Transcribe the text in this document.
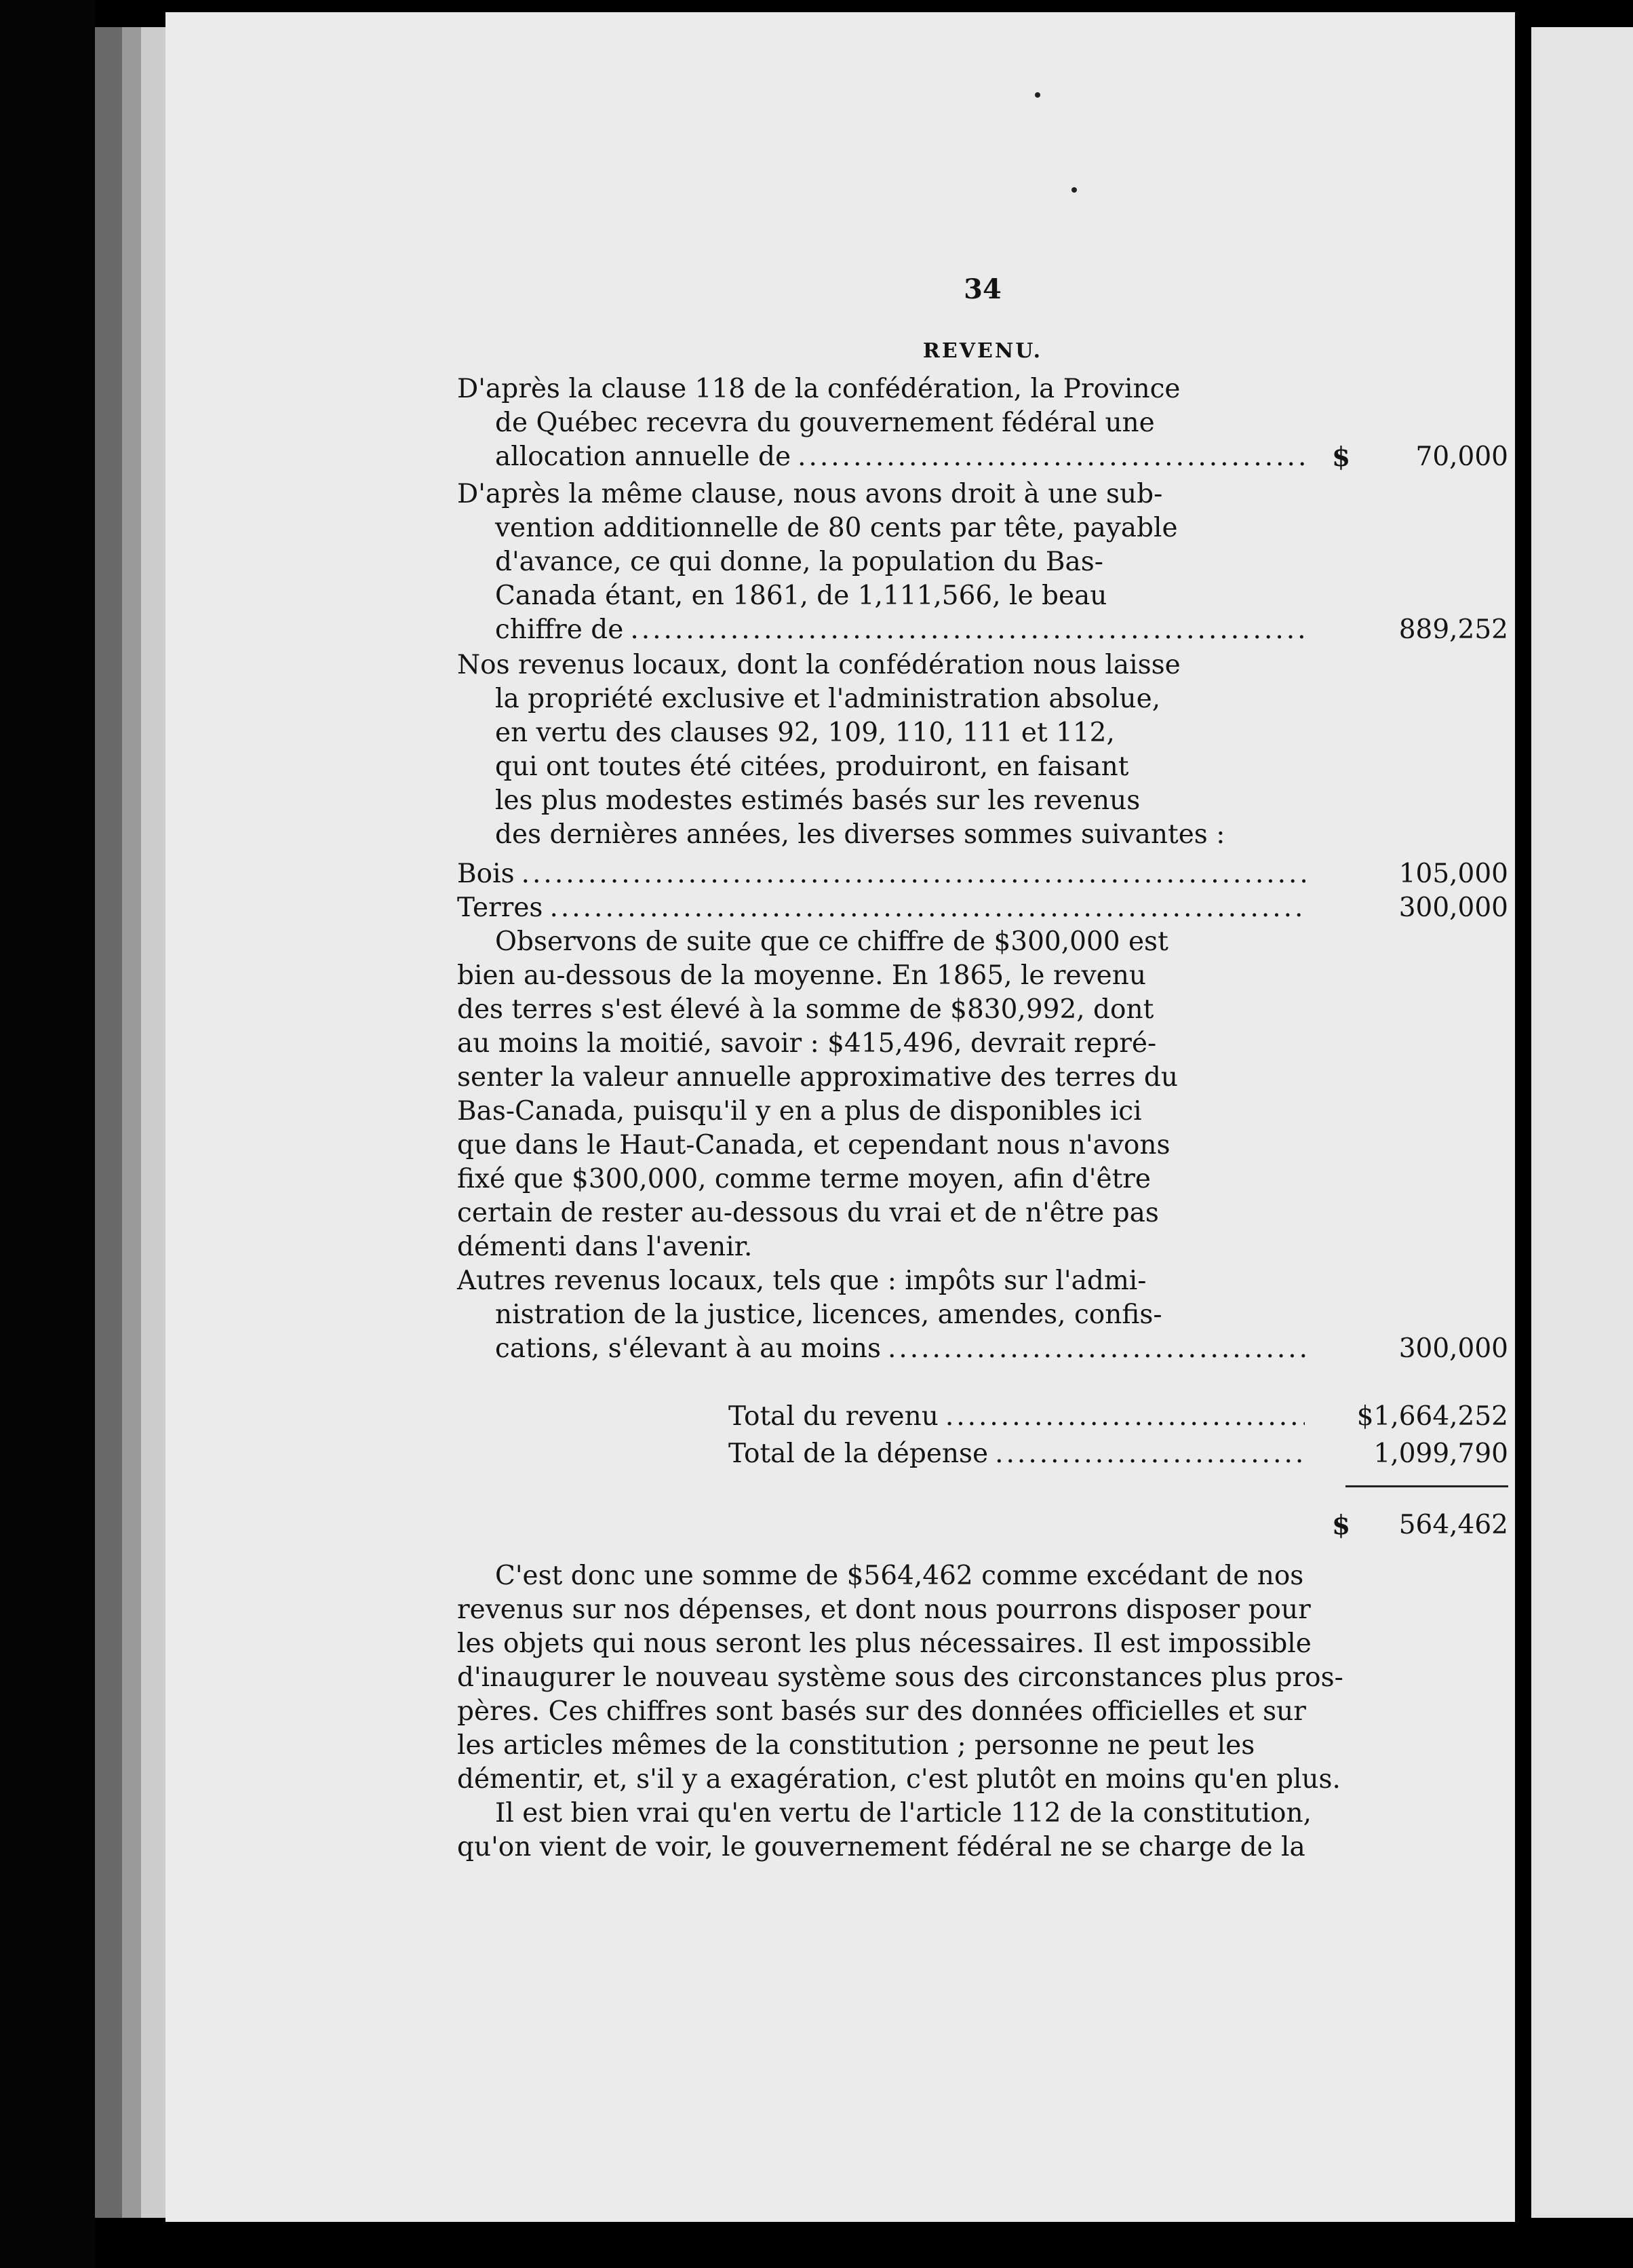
34
REVENU.
D'après la clause 118 de la confédération, la Province
de Québec recevra du gouvernement fédéral une
allocation annuelle de .....	$	70,000
D'après la même clause, nous avons droit à une sub-
vention additionnelle de 80 cents par tête, payable
d'avance, ce qui donne, la population du Bas-
Canada étant, en 1861, de 1,111,566, le beau
chiffre de .....	889,252
Nos revenus locaux, dont la confédération nous laisse
la propriété exclusive et l'administration absolue,
en vertu des clauses 92, 109, 110, 111 et 112,
qui ont toutes été citées, produiront, en faisant
les plus modestes estimés basés sur les revenus
des dernières années, les diverses sommes suivantes :
Bois .....	105,000
Terres .....	300,000
Observons de suite que ce chiffre de $300,000 est
bien au-dessous de la moyenne. En 1865, le revenu
des terres s'est élevé à la somme de $830,992, dont
au moins la moitié, savoir : $415,496, devrait repré-
senter la valeur annuelle approximative des terres du
Bas-Canada, puisqu'il y en a plus de disponibles ici
que dans le Haut-Canada, et cependant nous n'avons
fixé que $300,000, comme terme moyen, afin d'être
certain de rester au-dessous du vrai et de n'être pas
démenti dans l'avenir.
Autres revenus locaux, tels que : impôts sur l'admi-
nistration de la justice, licences, amendes, confis-
cations, s'élevant à au moins .....	300,000
Total du revenu .....	$1,664,252
Total de la dépense .....	1,099,790
$	564,462
C'est donc une somme de $564,462 comme excédant de nos
revenus sur nos dépenses, et dont nous pourrons disposer pour
les objets qui nous seront les plus nécessaires. Il est impossible
d'inaugurer le nouveau système sous des circonstances plus pros-
pères. Ces chiffres sont basés sur des données officielles et sur
les articles mêmes de la constitution ; personne ne peut les
démentir, et, s'il y a exagération, c'est plutôt en moins qu'en plus.
Il est bien vrai qu'en vertu de l'article 112 de la constitution,
qu'on vient de voir, le gouvernement fédéral ne se charge de la
